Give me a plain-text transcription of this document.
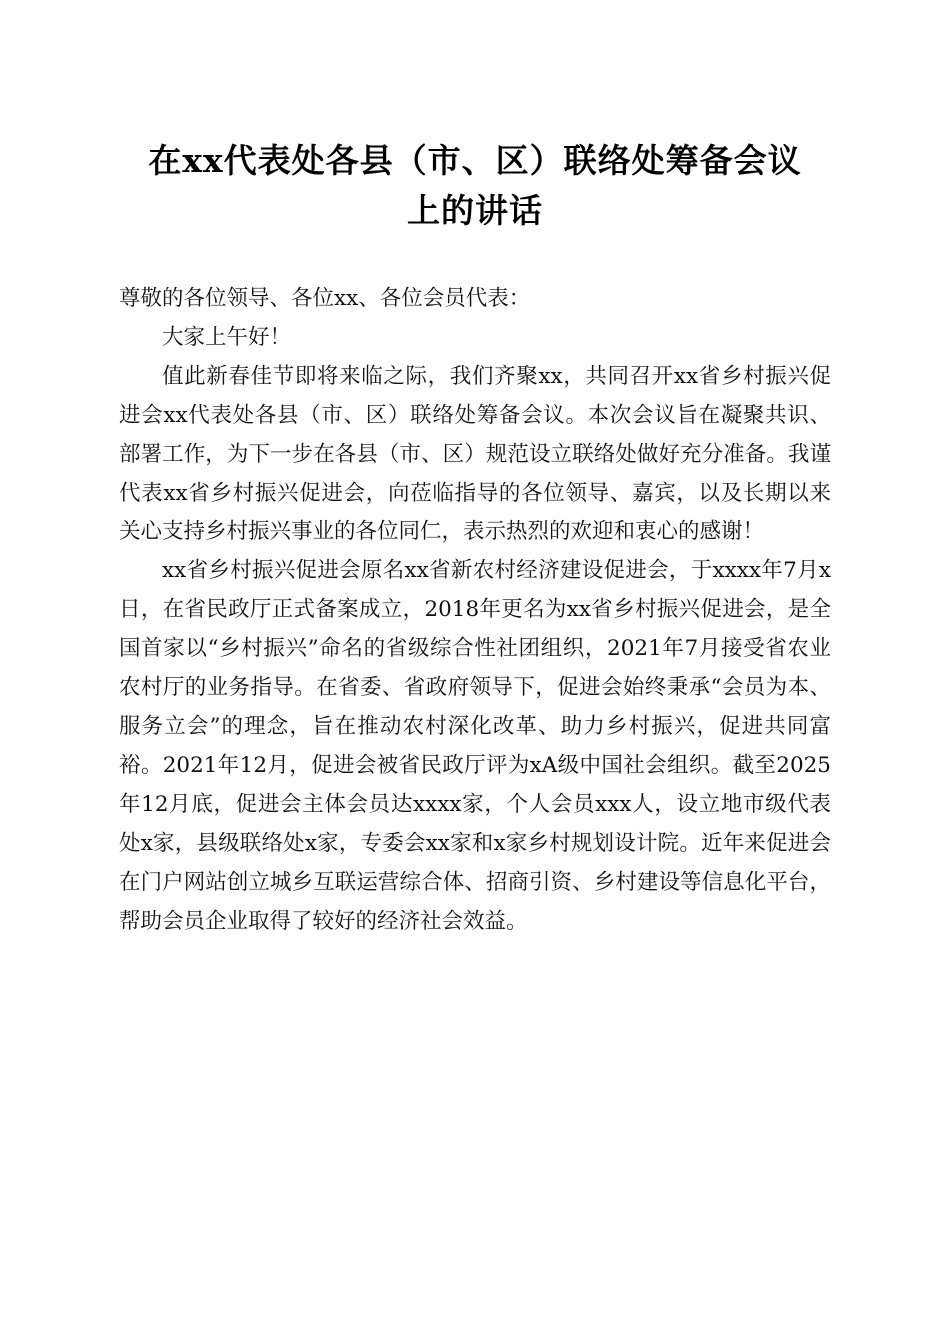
在xx代表处各县（市、区）联络处筹备会议
上的讲话

尊敬的各位领导、各位xx、各位会员代表：

大家上午好！

值此新春佳节即将来临之际，我们齐聚xx，共同召开xx省乡村振兴促进会xx代表处各县（市、区）联络处筹备会议。本次会议旨在凝聚共识、部署工作，为下一步在各县（市、区）规范设立联络处做好充分准备。我谨代表xx省乡村振兴促进会，向莅临指导的各位领导、嘉宾，以及长期以来关心支持乡村振兴事业的各位同仁，表示热烈的欢迎和衷心的感谢！

xx省乡村振兴促进会原名xx省新农村经济建设促进会，于xxxx年7月x日，在省民政厅正式备案成立，2018年更名为xx省乡村振兴促进会，是全国首家以“乡村振兴”命名的省级综合性社团组织，2021年7月接受省农业农村厅的业务指导。在省委、省政府领导下，促进会始终秉承“会员为本、服务立会”的理念，旨在推动农村深化改革、助力乡村振兴，促进共同富裕。2021年12月，促进会被省民政厅评为xA级中国社会组织。截至2025年12月底，促进会主体会员达xxxx家，个人会员xxx人，设立地市级代表处x家，县级联络处x家，专委会xx家和x家乡村规划设计院。近年来促进会在门户网站创立城乡互联运营综合体、招商引资、乡村建设等信息化平台，帮助会员企业取得了较好的经济社会效益。
